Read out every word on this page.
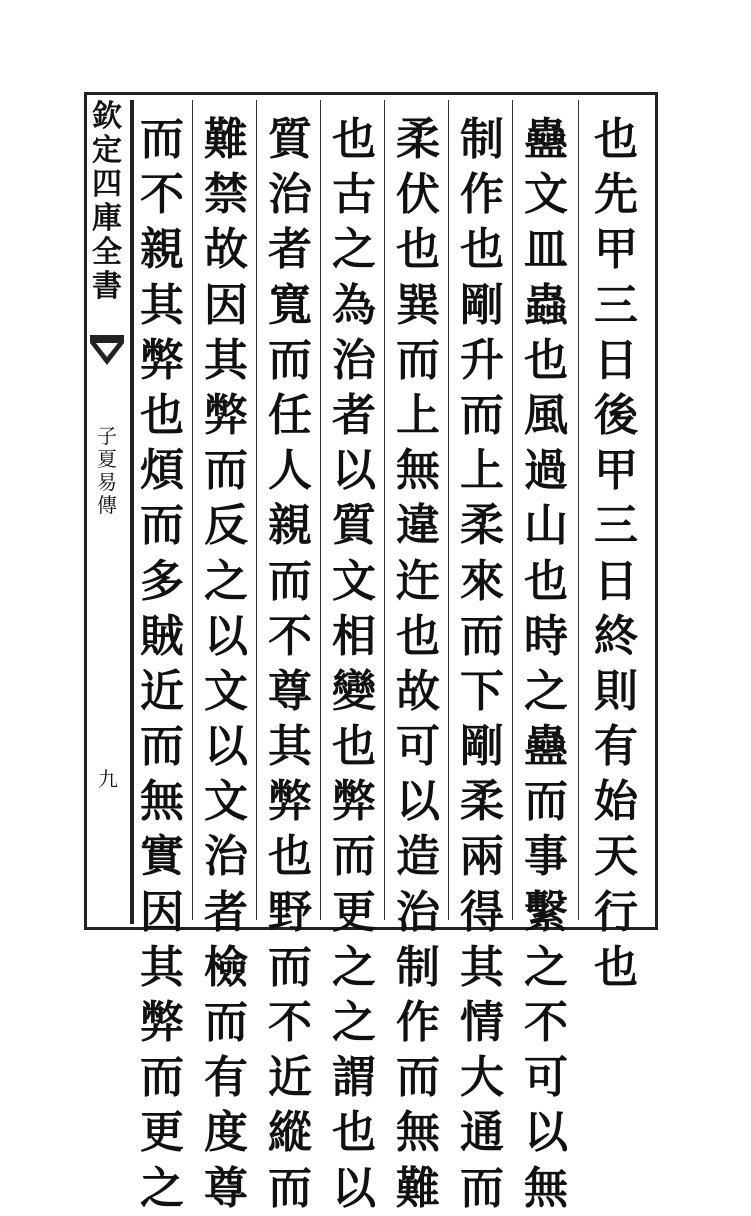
欽
定
四
庫
全
書
子
夏
易
傳
九
也
先
甲
三
日
後
甲
三
日
終
則
有
始
天
行
也
蠱
文
皿
蟲
也
風
過
山
也
時
之
蠱
而
事
繫
之
不
可
以
無
制
作
也
剛
升
而
上
柔
來
而
下
剛
柔
兩
得
其
情
大
通
而
柔
伏
也
巽
而
上
無
違
迕
也
故
可
以
造
治
制
作
而
無
難
也
古
之
為
治
者
以
質
文
相
變
也
弊
而
更
之
之
謂
也
以
質
治
者
寬
而
任
人
親
而
不
尊
其
弊
也
野
而
不
近
縱
而
難
禁
故
因
其
弊
而
反
之
以
文
以
文
治
者
檢
而
有
度
尊
而
不
親
其
弊
也
煩
而
多
賊
近
而
無
實
因
其
弊
而
更
之
